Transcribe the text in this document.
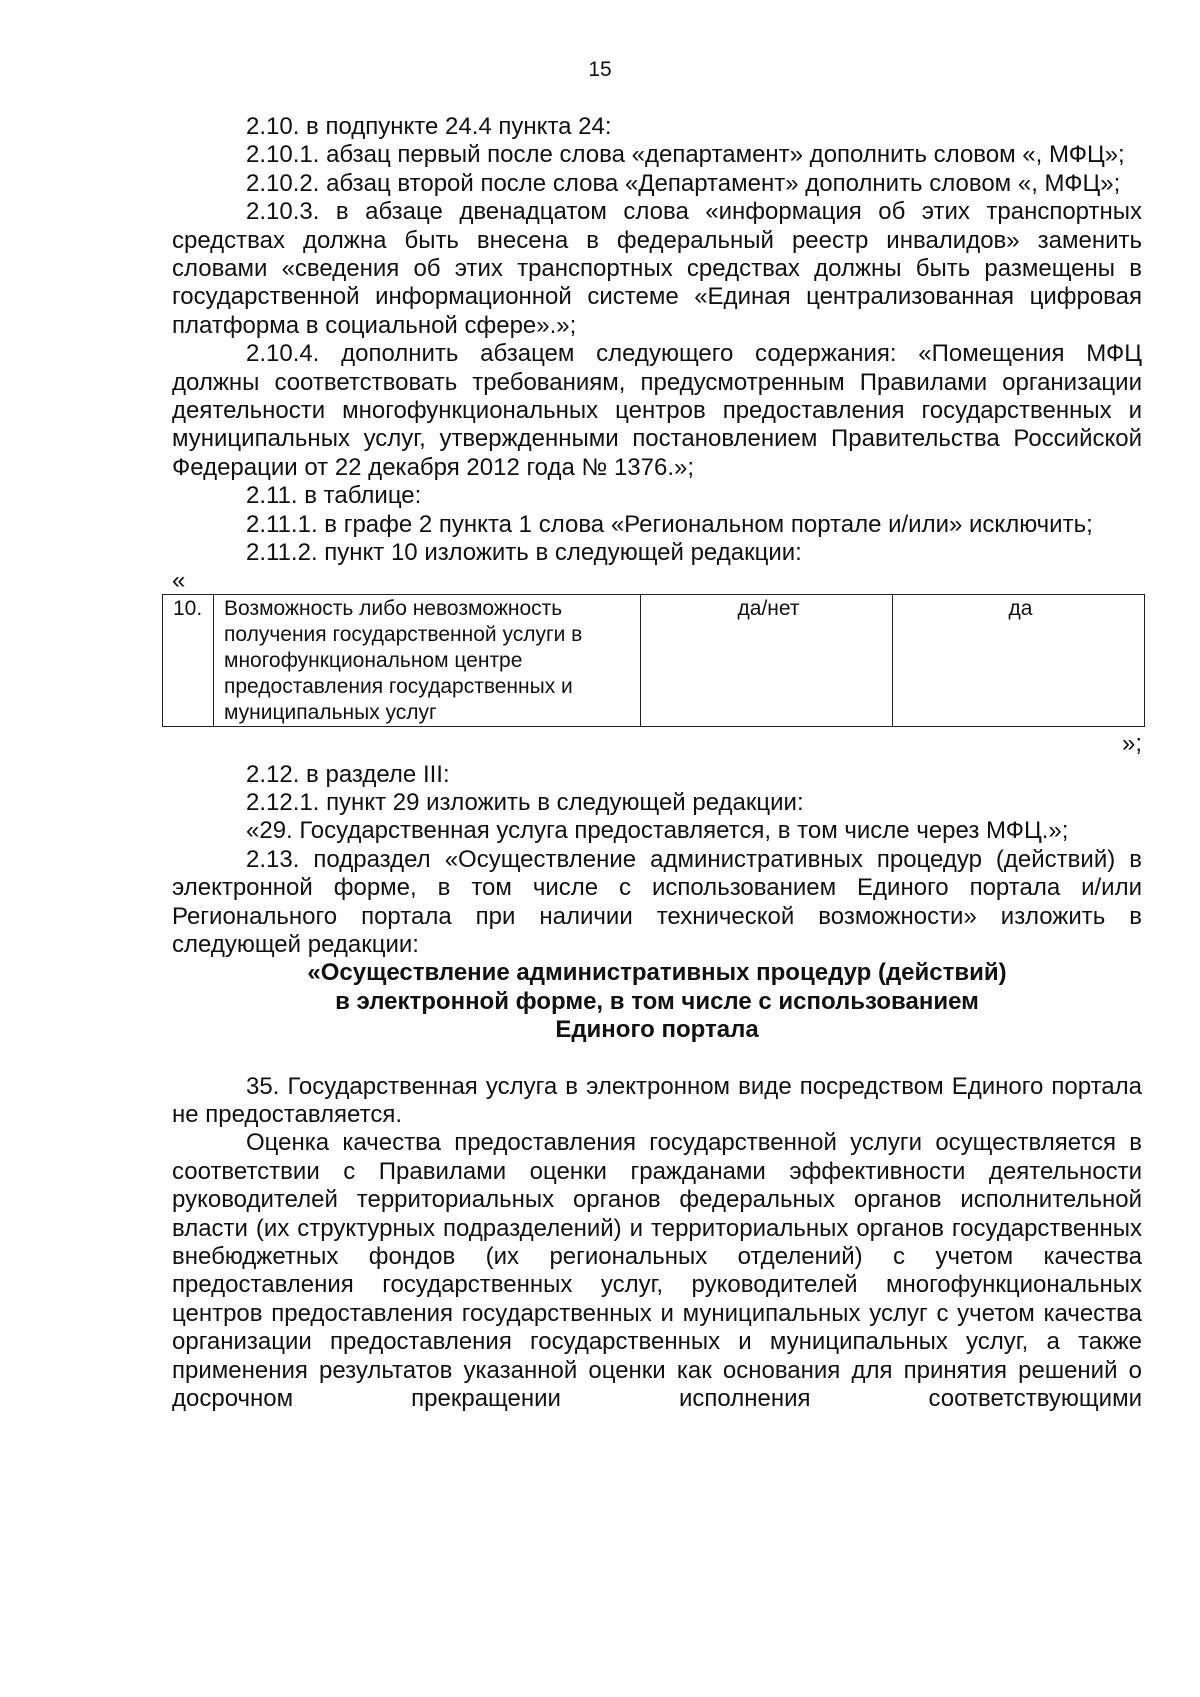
15

2.10. в подпункте 24.4 пункта 24:

2.10.1. абзац первый после слова «департамент» дополнить словом «, МФЦ»;

2.10.2. абзац второй после слова «Департамент» дополнить словом «, МФЦ»;

2.10.3. в абзаце двенадцатом слова «информация об этих транспортных средствах должна быть внесена в федеральный реестр инвалидов» заменить словами «сведения об этих транспортных средствах должны быть размещены в государственной информационной системе «Единая централизованная цифровая платформа в социальной сфере».»;

2.10.4. дополнить абзацем следующего содержания: «Помещения МФЦ должны соответствовать требованиям, предусмотренным Правилами организации деятельности многофункциональных центров предоставления государственных и муниципальных услуг, утвержденными постановлением Правительства Российской Федерации от 22 декабря 2012 года № 1376.»;

2.11. в таблице:

2.11.1. в графе 2 пункта 1 слова «Региональном портале и/или» исключить;

2.11.2. пункт 10 изложить в следующей редакции:

«

10.	Возможность либо невозможность получения государственной услуги в многофункциональном центре предоставления государственных и муниципальных услуг	да/нет	да

»;

2.12. в разделе III:

2.12.1. пункт 29 изложить в следующей редакции:

«29. Государственная услуга предоставляется, в том числе через МФЦ.»;

2.13. подраздел «Осуществление административных процедур (действий) в электронной форме, в том числе с использованием Единого портала и/или Регионального портала при наличии технической возможности» изложить в следующей редакции:

«Осуществление административных процедур (действий)

в электронной форме, в том числе с использованием

Единого портала

35. Государственная услуга в электронном виде посредством Единого портала не предоставляется.

Оценка качества предоставления государственной услуги осуществляется в соответствии с Правилами оценки гражданами эффективности деятельности руководителей территориальных органов федеральных органов исполнительной власти (их структурных подразделений) и территориальных органов государственных внебюджетных фондов (их региональных отделений) с учетом качества предоставления государственных услуг, руководителей многофункциональных центров предоставления государственных и муниципальных услуг с учетом качества организации предоставления государственных и муниципальных услуг, а также применения результатов указанной оценки как основания для принятия решений о досрочном прекращении исполнения соответствующими
